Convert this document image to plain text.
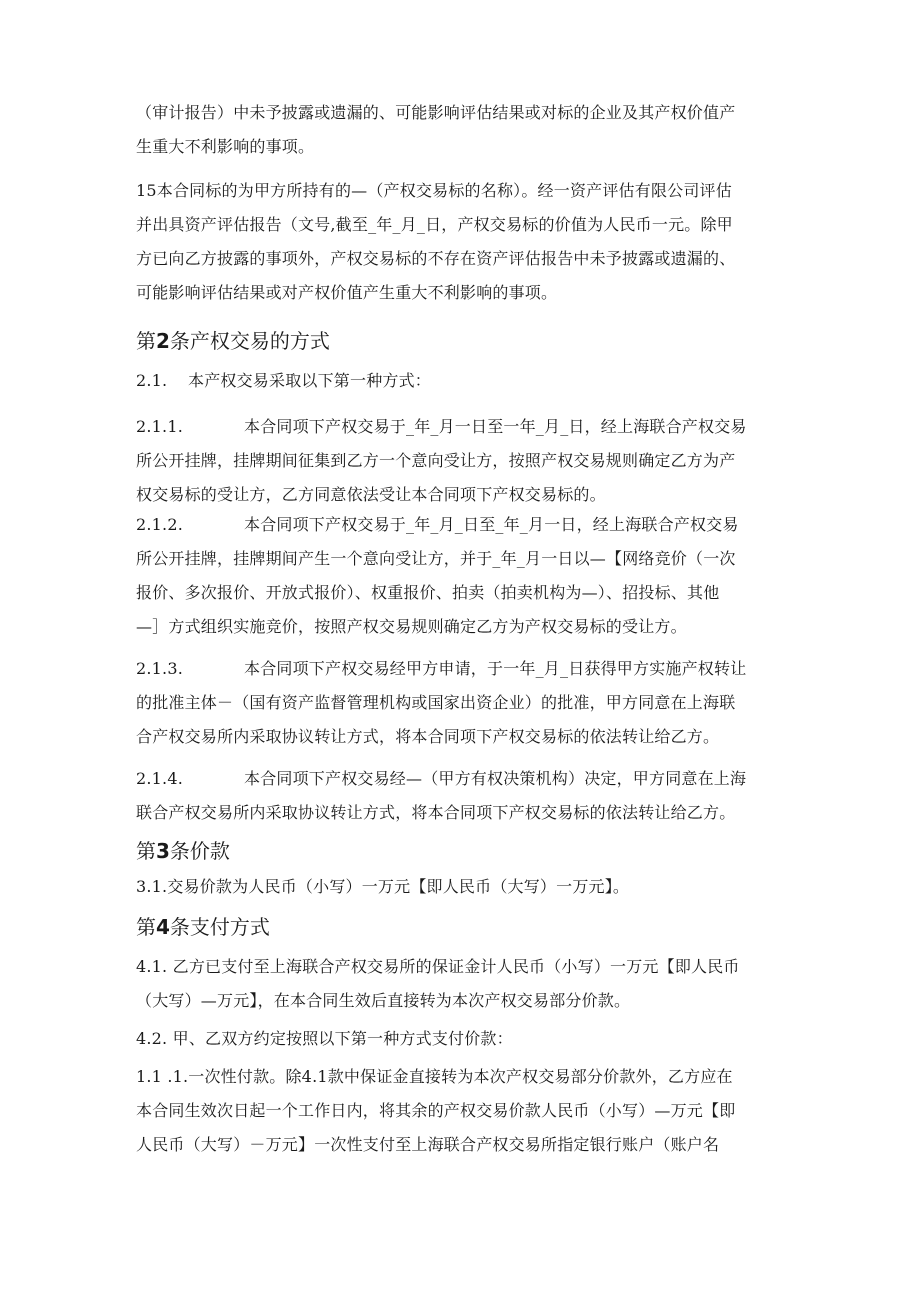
（审计报告）中未予披露或遗漏的、可能影响评估结果或对标的企业及其产权价值产
生重大不利影响的事项。
15本合同标的为甲方所持有的—（产权交易标的名称）。经一资产评估有限公司评估
并出具资产评估报告（文号,截至_年_月_日，产权交易标的价值为人民币一元。除甲
方已向乙方披露的事项外，产权交易标的不存在资产评估报告中未予披露或遗漏的、
可能影响评估结果或对产权价值产生重大不利影响的事项。
第2条产权交易的方式
2.1. 本产权交易采取以下第一种方式：
2.1.1.	本合同项下产权交易于_年_月一日至一年_月_日，经上海联合产权交易
所公开挂牌，挂牌期间征集到乙方一个意向受让方，按照产权交易规则确定乙方为产
权交易标的受让方，乙方同意依法受让本合同项下产权交易标的。
2.1.2.	本合同项下产权交易于_年_月_日至_年_月一日，经上海联合产权交易
所公开挂牌，挂牌期间产生一个意向受让方，并于_年_月一日以—【网络竞价（一次
报价、多次报价、开放式报价）、权重报价、拍卖（拍卖机构为—）、招投标、其他
—］方式组织实施竞价，按照产权交易规则确定乙方为产权交易标的受让方。
2.1.3.	本合同项下产权交易经甲方申请，于一年_月_日获得甲方实施产权转让
的批准主体－（国有资产监督管理机构或国家出资企业）的批准，甲方同意在上海联
合产权交易所内采取协议转让方式，将本合同项下产权交易标的依法转让给乙方。
2.1.4.	本合同项下产权交易经—（甲方有权决策机构）决定，甲方同意在上海
联合产权交易所内采取协议转让方式，将本合同项下产权交易标的依法转让给乙方。
第3条价款
3.1.交易价款为人民币（小写）一万元【即人民币（大写）一万元】。
第4条支付方式
4.1. 乙方已支付至上海联合产权交易所的保证金计人民币（小写）一万元【即人民币
（大写）—万元】，在本合同生效后直接转为本次产权交易部分价款。
4.2. 甲、乙双方约定按照以下第一种方式支付价款：
1.1 .1.一次性付款。除4.1款中保证金直接转为本次产权交易部分价款外，乙方应在
本合同生效次日起一个工作日内，将其余的产权交易价款人民币（小写）—万元【即
人民币（大写）－万元】一次性支付至上海联合产权交易所指定银行账户（账户名
